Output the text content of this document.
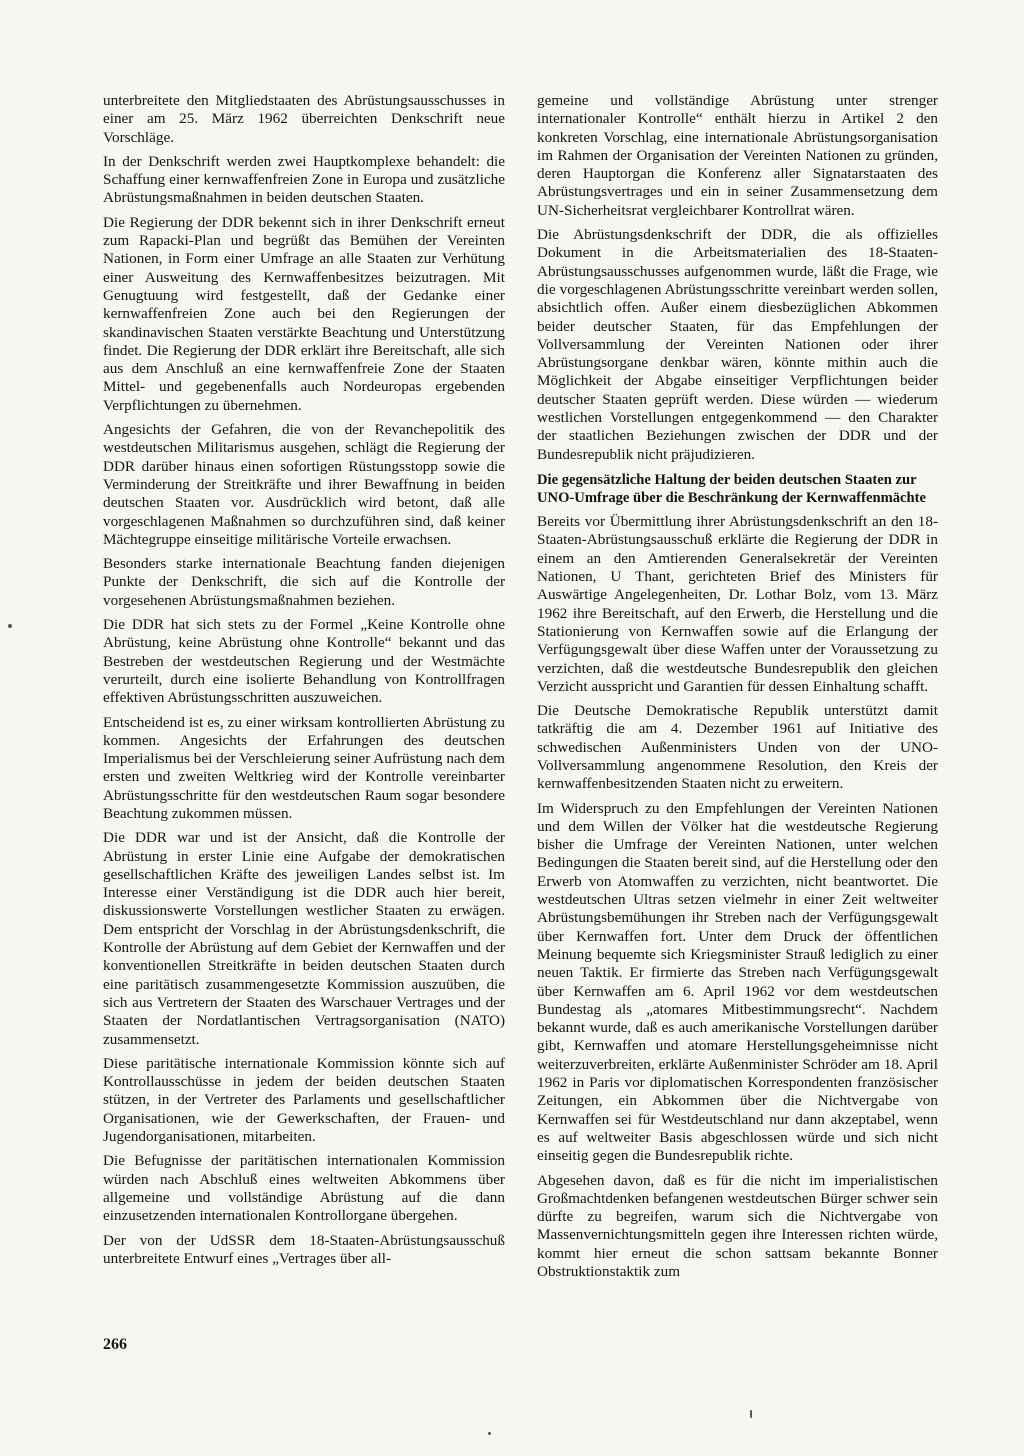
unterbreitete den Mitgliedstaaten des Abrüstungsausschusses in einer am 25. März 1962 überreichten Denkschrift neue Vorschläge.

In der Denkschrift werden zwei Hauptkomplexe behandelt: die Schaffung einer kernwaffenfreien Zone in Europa und zusätzliche Abrüstungsmaßnahmen in beiden deutschen Staaten.

Die Regierung der DDR bekennt sich in ihrer Denkschrift erneut zum Rapacki-Plan und begrüßt das Bemühen der Vereinten Nationen, in Form einer Umfrage an alle Staaten zur Verhütung einer Ausweitung des Kernwaffenbesitzes beizutragen. Mit Genugtuung wird festgestellt, daß der Gedanke einer kernwaffenfreien Zone auch bei den Regierungen der skandinavischen Staaten verstärkte Beachtung und Unterstützung findet. Die Regierung der DDR erklärt ihre Bereitschaft, alle sich aus dem Anschluß an eine kernwaffenfreie Zone der Staaten Mittel- und gegebenenfalls auch Nordeuropas ergebenden Verpflichtungen zu übernehmen.

Angesichts der Gefahren, die von der Revanchepolitik des westdeutschen Militarismus ausgehen, schlägt die Regierung der DDR darüber hinaus einen sofortigen Rüstungsstopp sowie die Verminderung der Streitkräfte und ihrer Bewaffnung in beiden deutschen Staaten vor. Ausdrücklich wird betont, daß alle vorgeschlagenen Maßnahmen so durchzuführen sind, daß keiner Mächtegruppe einseitige militärische Vorteile erwachsen.

Besonders starke internationale Beachtung fanden diejenigen Punkte der Denkschrift, die sich auf die Kontrolle der vorgesehenen Abrüstungsmaßnahmen beziehen.

Die DDR hat sich stets zu der Formel „Keine Kontrolle ohne Abrüstung, keine Abrüstung ohne Kontrolle“ bekannt und das Bestreben der westdeutschen Regierung und der Westmächte verurteilt, durch eine isolierte Behandlung von Kontrollfragen effektiven Abrüstungsschritten auszuweichen.

Entscheidend ist es, zu einer wirksam kontrollierten Abrüstung zu kommen. Angesichts der Erfahrungen des deutschen Imperialismus bei der Verschleierung seiner Aufrüstung nach dem ersten und zweiten Weltkrieg wird der Kontrolle vereinbarter Abrüstungsschritte für den westdeutschen Raum sogar besondere Beachtung zukommen müssen.

Die DDR war und ist der Ansicht, daß die Kontrolle der Abrüstung in erster Linie eine Aufgabe der demokratischen gesellschaftlichen Kräfte des jeweiligen Landes selbst ist. Im Interesse einer Verständigung ist die DDR auch hier bereit, diskussionswerte Vorstellungen westlicher Staaten zu erwägen. Dem entspricht der Vorschlag in der Abrüstungsdenkschrift, die Kontrolle der Abrüstung auf dem Gebiet der Kernwaffen und der konventionellen Streitkräfte in beiden deutschen Staaten durch eine paritätisch zusammengesetzte Kommission auszuüben, die sich aus Vertretern der Staaten des Warschauer Vertrages und der Staaten der Nordatlantischen Vertragsorganisation (NATO) zusammensetzt.

Diese paritätische internationale Kommission könnte sich auf Kontrollausschüsse in jedem der beiden deutschen Staaten stützen, in der Vertreter des Parlaments und gesellschaftlicher Organisationen, wie der Gewerkschaften, der Frauen- und Jugendorganisationen, mitarbeiten.

Die Befugnisse der paritätischen internationalen Kommission würden nach Abschluß eines weltweiten Abkommens über allgemeine und vollständige Abrüstung auf die dann einzusetzenden internationalen Kontrollorgane übergehen.

Der von der UdSSR dem 18-Staaten-Abrüstungsausschuß unterbreitete Entwurf eines „Vertrages über all-

gemeine und vollständige Abrüstung unter strenger internationaler Kontrolle“ enthält hierzu in Artikel 2 den konkreten Vorschlag, eine internationale Abrüstungsorganisation im Rahmen der Organisation der Vereinten Nationen zu gründen, deren Hauptorgan die Konferenz aller Signatarstaaten des Abrüstungsvertrages und ein in seiner Zusammensetzung dem UN-Sicherheitsrat vergleichbarer Kontrollrat wären.

Die Abrüstungsdenkschrift der DDR, die als offizielles Dokument in die Arbeitsmaterialien des 18-Staaten-Abrüstungsausschusses aufgenommen wurde, läßt die Frage, wie die vorgeschlagenen Abrüstungsschritte vereinbart werden sollen, absichtlich offen. Außer einem diesbezüglichen Abkommen beider deutscher Staaten, für das Empfehlungen der Vollversammlung der Vereinten Nationen oder ihrer Abrüstungsorgane denkbar wären, könnte mithin auch die Möglichkeit der Abgabe einseitiger Verpflichtungen beider deutscher Staaten geprüft werden. Diese würden — wiederum westlichen Vorstellungen entgegenkommend — den Charakter der staatlichen Beziehungen zwischen der DDR und der Bundesrepublik nicht präjudizieren.

Die gegensätzliche Haltung der beiden deutschen Staaten zur UNO-Umfrage über die Beschränkung der Kernwaffenmächte

Bereits vor Übermittlung ihrer Abrüstungsdenkschrift an den 18-Staaten-Abrüstungsausschuß erklärte die Regierung der DDR in einem an den Amtierenden Generalsekretär der Vereinten Nationen, U Thant, gerichteten Brief des Ministers für Auswärtige Angelegenheiten, Dr. Lothar Bolz, vom 13. März 1962 ihre Bereitschaft, auf den Erwerb, die Herstellung und die Stationierung von Kernwaffen sowie auf die Erlangung der Verfügungsgewalt über diese Waffen unter der Voraussetzung zu verzichten, daß die westdeutsche Bundesrepublik den gleichen Verzicht ausspricht und Garantien für dessen Einhaltung schafft.

Die Deutsche Demokratische Republik unterstützt damit tatkräftig die am 4. Dezember 1961 auf Initiative des schwedischen Außenministers Unden von der UNO-Vollversammlung angenommene Resolution, den Kreis der kernwaffenbesitzenden Staaten nicht zu erweitern.

Im Widerspruch zu den Empfehlungen der Vereinten Nationen und dem Willen der Völker hat die westdeutsche Regierung bisher die Umfrage der Vereinten Nationen, unter welchen Bedingungen die Staaten bereit sind, auf die Herstellung oder den Erwerb von Atomwaffen zu verzichten, nicht beantwortet. Die westdeutschen Ultras setzen vielmehr in einer Zeit weltweiter Abrüstungsbemühungen ihr Streben nach der Verfügungsgewalt über Kernwaffen fort. Unter dem Druck der öffentlichen Meinung bequemte sich Kriegsminister Strauß lediglich zu einer neuen Taktik. Er firmierte das Streben nach Verfügungsgewalt über Kernwaffen am 6. April 1962 vor dem westdeutschen Bundestag als „atomares Mitbestimmungsrecht“. Nachdem bekannt wurde, daß es auch amerikanische Vorstellungen darüber gibt, Kernwaffen und atomare Herstellungsgeheimnisse nicht weiterzuverbreiten, erklärte Außenminister Schröder am 18. April 1962 in Paris vor diplomatischen Korrespondenten französischer Zeitungen, ein Abkommen über die Nichtvergabe von Kernwaffen sei für Westdeutschland nur dann akzeptabel, wenn es auf weltweiter Basis abgeschlossen würde und sich nicht einseitig gegen die Bundesrepublik richte.

Abgesehen davon, daß es für die nicht im imperialistischen Großmachtdenken befangenen westdeutschen Bürger schwer sein dürfte zu begreifen, warum sich die Nichtvergabe von Massenvernichtungsmitteln gegen ihre Interessen richten würde, kommt hier erneut die schon sattsam bekannte Bonner Obstruktionstaktik zum

266
